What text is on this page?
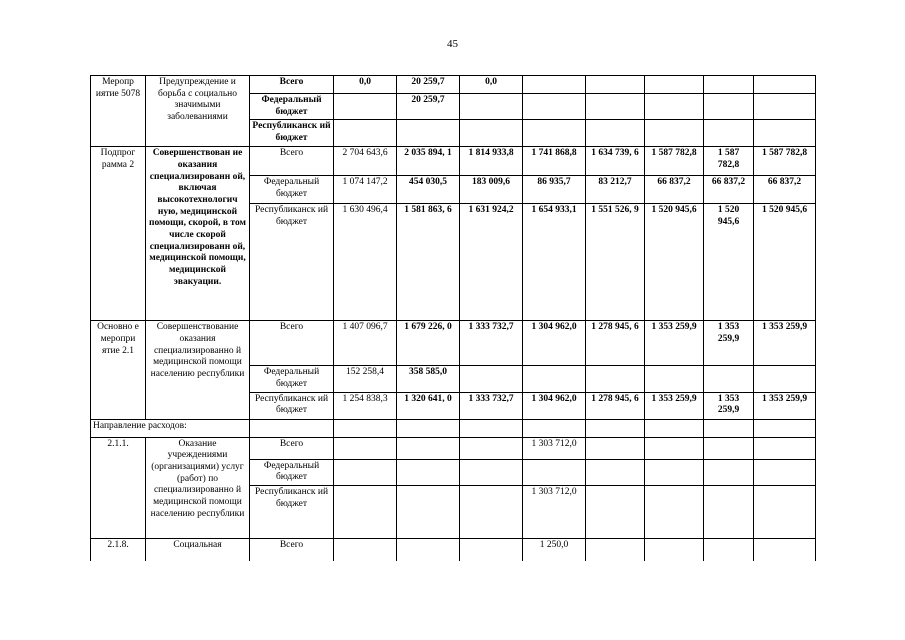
45
Меропр иятие 5078	Предупреждение и борьба с социально значимыми заболеваниями	Всего	0,0	20 259,7	0,0					
		Федеральный бюджет		20 259,7						
		Республиканск ий бюджет								
Подпрог рамма 2	Совершенствован ие оказания специализированн ой, включая высокотехнологич ную, медицинской помощи, скорой, в том числе скорой специализированн ой, медицинской помощи, медицинской эвакуации.	Всего	2 704 643,6	2 035 894, 1	1 814 933,8	1 741 868,8	1 634 739, 6	1 587 782,8	1 587 782,8	1 587 782,8
		Федеральный бюджет	1 074 147,2	454 030,5	183 009,6	86 935,7	83 212,7	66 837,2	66 837,2	66 837,2
		Республиканск ий бюджет	1 630 496,4	1 581 863, 6	1 631 924,2	1 654 933,1	1 551 526, 9	1 520 945,6	1 520 945,6	1 520 945,6
Основно е меропри ятие 2.1	Совершенствование оказания специализированно й медицинской помощи населению республики	Всего	1 407 096,7	1 679 226, 0	1 333 732,7	1 304 962,0	1 278 945, 6	1 353 259,9	1 353 259,9	1 353 259,9
		Федеральный бюджет	152 258,4	358 585,0						
		Республиканск ий бюджет	1 254 838,3	1 320 641, 0	1 333 732,7	1 304 962,0	1 278 945, 6	1 353 259,9	1 353 259,9	1 353 259,9
Направление расходов:										
2.1.1.	Оказание учреждениями (организациями) услуг (работ) по специализированно й медицинской помощи населению республики	Всего				1 303 712,0				
		Федеральный бюджет								
		Республиканск ий бюджет				1 303 712,0				
2.1.8.	Социальная	Всего				1 250,0				
